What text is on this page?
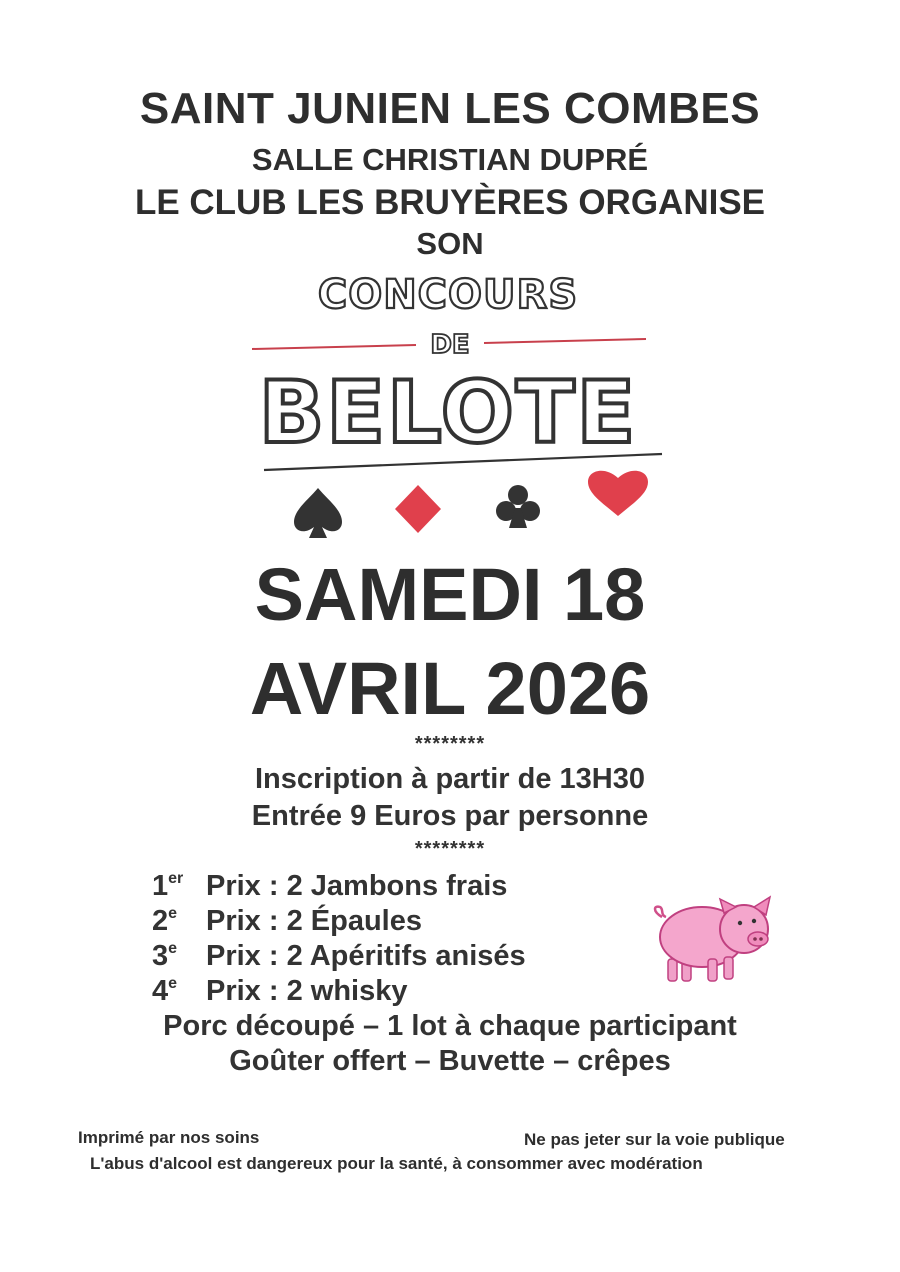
SAINT JUNIEN LES COMBES
SALLE CHRISTIAN DUPRÉ
LE CLUB LES BRUYÈRES ORGANISE
SON
CONCOURS
DE
BELOTE
SAMEDI 18
AVRIL 2026
********
Inscription à partir de 13H30
Entrée 9 Euros par personne
********
1er Prix : 2 Jambons frais
2e Prix : 2 Épaules
3e Prix : 2 Apéritifs anisés
4e Prix : 2 whisky
Porc découpé – 1 lot à chaque participant
Goûter offert – Buvette – crêpes
Imprimé par nos soins	Ne pas jeter sur la voie publique
L'abus d'alcool est dangereux pour la santé, à consommer avec modération
